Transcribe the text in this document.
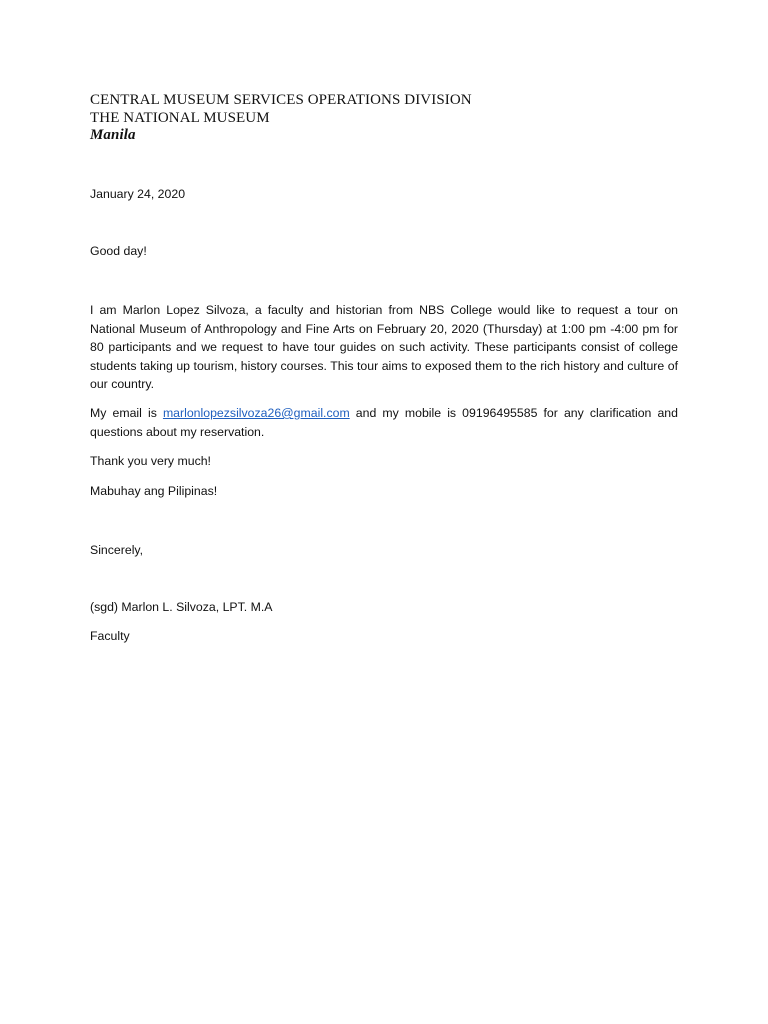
CENTRAL MUSEUM SERVICES OPERATIONS DIVISION
THE NATIONAL MUSEUM
Manila
January 24, 2020
Good day!
I am Marlon Lopez Silvoza, a faculty and historian from NBS College would like to request a tour on National Museum of Anthropology and Fine Arts on February 20, 2020 (Thursday) at 1:00 pm -4:00 pm for 80 participants and we request to have tour guides on such activity. These participants consist of college students taking up tourism, history courses. This tour aims to exposed them to the rich history and culture of our country.
My email is marlonlopezsilvoza26@gmail.com and my mobile is 09196495585 for any clarification and questions about my reservation.
Thank you very much!
Mabuhay ang Pilipinas!
Sincerely,
(sgd) Marlon L. Silvoza, LPT. M.A
Faculty
